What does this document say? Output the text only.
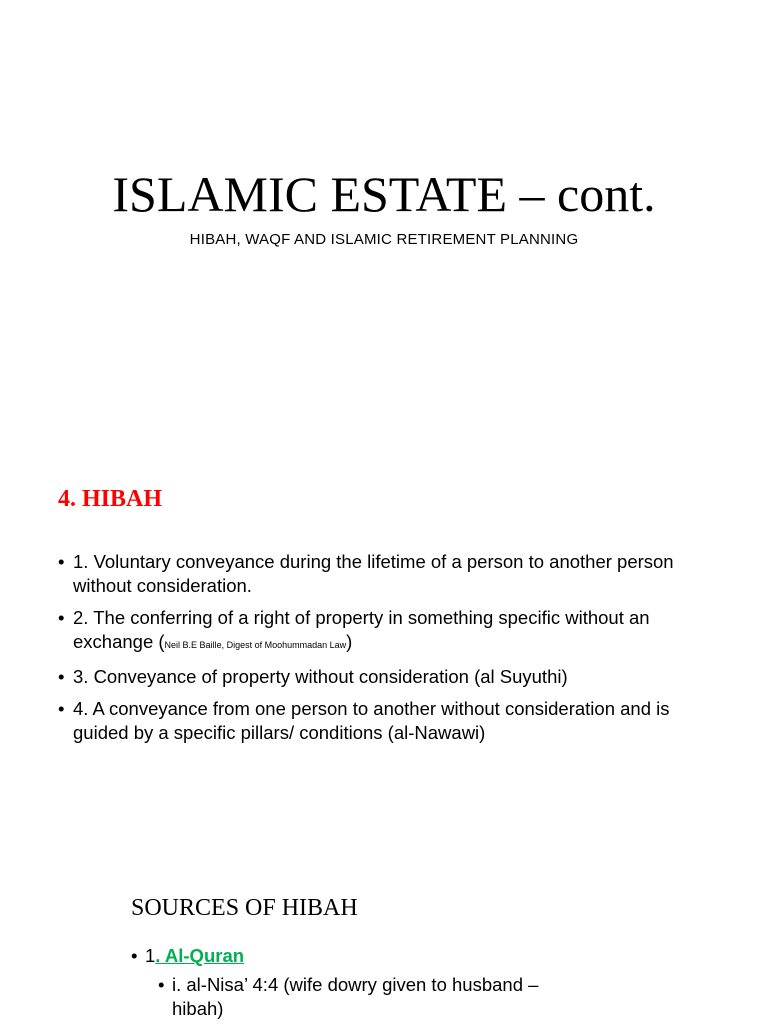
ISLAMIC ESTATE – cont.
HIBAH, WAQF AND ISLAMIC RETIREMENT PLANNING
4. HIBAH
• 1. Voluntary conveyance during the lifetime of a person to another person without consideration.
• 2. The conferring of a right of property in something specific without an exchange (Neil B.E Baille, Digest of Moohummadan Law)
• 3. Conveyance of property without consideration (al Suyuthi)
• 4. A conveyance from one person to another without consideration and is guided by a specific pillars/ conditions (al-Nawawi)
SOURCES OF HIBAH
• 1. Al-Quran
• i. al-Nisa’ 4:4 (wife dowry given to husband – hibah)
